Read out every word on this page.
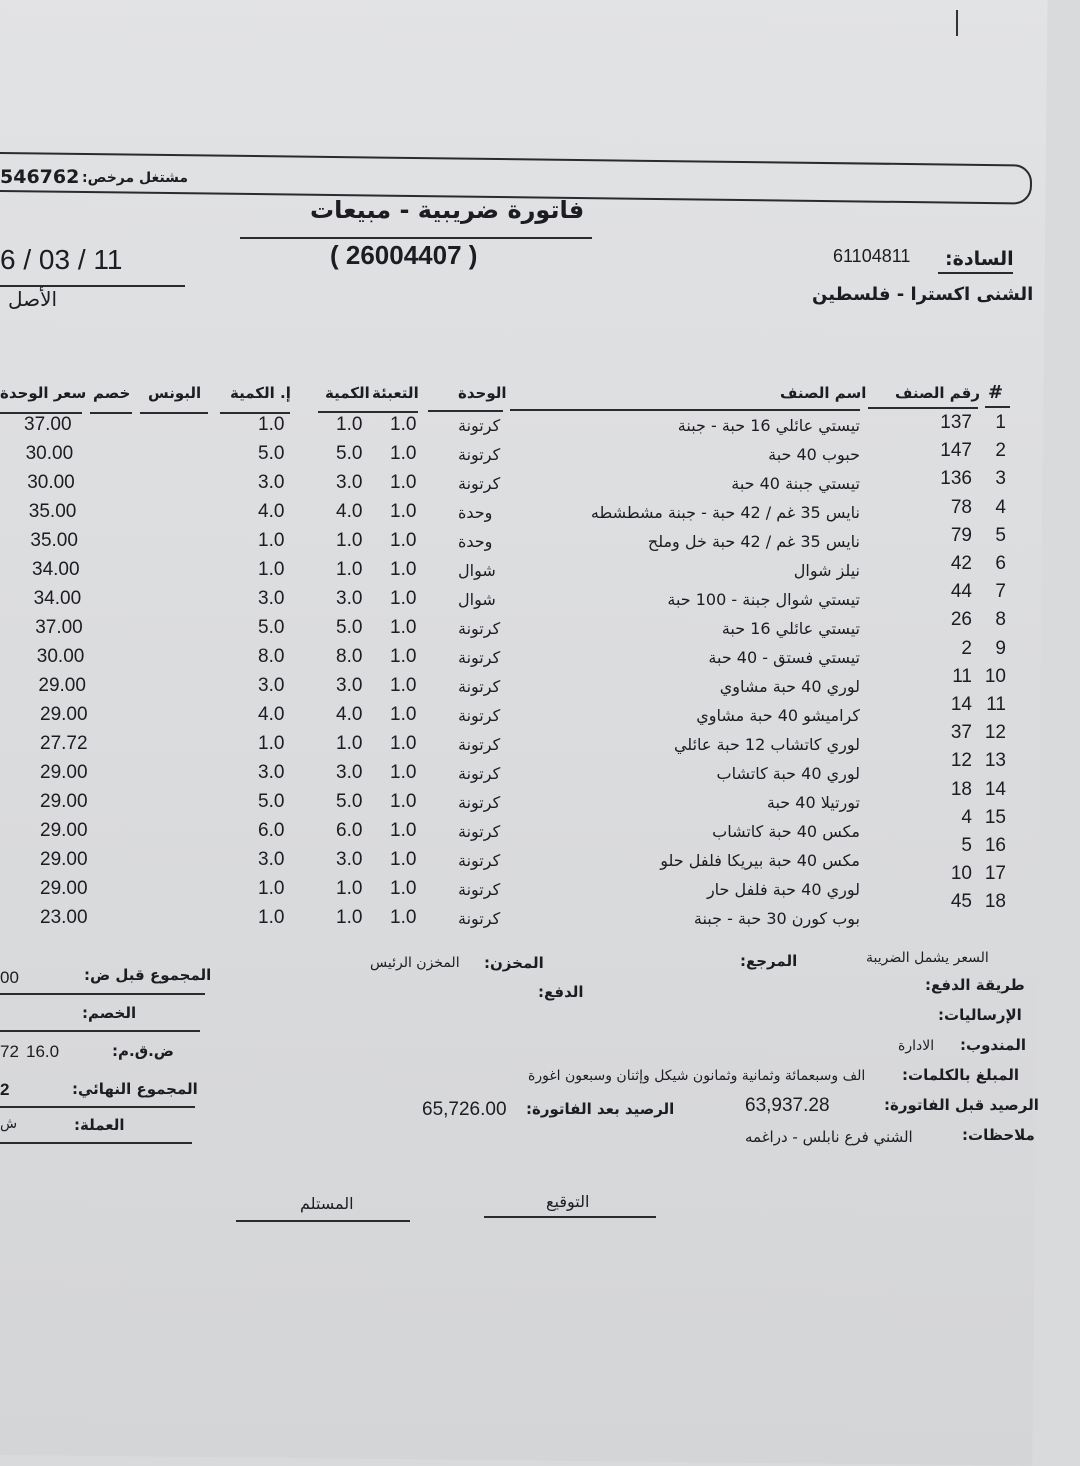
546762 مشتغل مرخص:
فاتورة ضريبية - مبيعات
( 26004407 )
6 / 03 / 11
الأصل
السادة:
61104811
الشنى اكسترا - فلسطين
#
رقم الصنف
اسم الصنف
الوحدة
التعبئة
الكمية
إ. الكمية
البونس
خصم
سعر الوحدة
1
137
تيستي عائلي 16 حبة - جبنة
كرتونة
1.0
1.0
1.0
37.00
2
147
حبوب 40 حبة
كرتونة
1.0
5.0
5.0
30.00
3
136
تيستي جبنة 40 حبة
كرتونة
1.0
3.0
3.0
30.00
4
78
نايس 35 غم / 42 حبة - جبنة مشطشطه
وحدة
1.0
4.0
4.0
35.00
5
79
نايس 35 غم / 42 حبة خل وملح
وحدة
1.0
1.0
1.0
35.00
6
42
نيلز شوال
شوال
1.0
1.0
1.0
34.00
7
44
تيستي شوال جبنة - 100 حبة
شوال
1.0
3.0
3.0
34.00
8
26
تيستي عائلي 16 حبة
كرتونة
1.0
5.0
5.0
37.00
9
2
تيستي فستق - 40 حبة
كرتونة
1.0
8.0
8.0
30.00
10
11
لوري 40 حبة مشاوي
كرتونة
1.0
3.0
3.0
29.00
11
14
كراميشو 40 حبة مشاوي
كرتونة
1.0
4.0
4.0
29.00
12
37
لوري كاتشاب 12 حبة عائلي
كرتونة
1.0
1.0
1.0
27.72
13
12
لوري 40 حبة كاتشاب
كرتونة
1.0
3.0
3.0
29.00
14
18
تورتيلا 40 حبة
كرتونة
1.0
5.0
5.0
29.00
15
4
مكس 40 حبة كاتشاب
كرتونة
1.0
6.0
6.0
29.00
16
5
مكس 40 حبة بيريكا فلفل حلو
كرتونة
1.0
3.0
3.0
29.00
17
10
لوري 40 حبة فلفل حار
كرتونة
1.0
1.0
1.0
29.00
18
45
بوب كورن 30 حبة - جبنة
كرتونة
1.0
1.0
1.0
23.00
السعر يشمل الضريبة
المرجع:
المخزن:
المخزن الرئيس
المجموع قبل ض:
00	طريقة الدفع:
الدفع:
الإرساليات:
الخصم:
المندوب:
الادارة
ض.ق.م:
16.0
72
المبلغ بالكلمات:
الف وسبعمائة وثمانية وثمانون شيكل وإثنان وسبعون اغورة
المجموع النهائي:
2
الرصيد قبل الفاتورة:
63,937.28
الرصيد بعد الفاتورة:
65,726.00
العملة:
ش
ملاحظات:
الشني فرع نابلس - دراغمه
التوقيع
المستلم
